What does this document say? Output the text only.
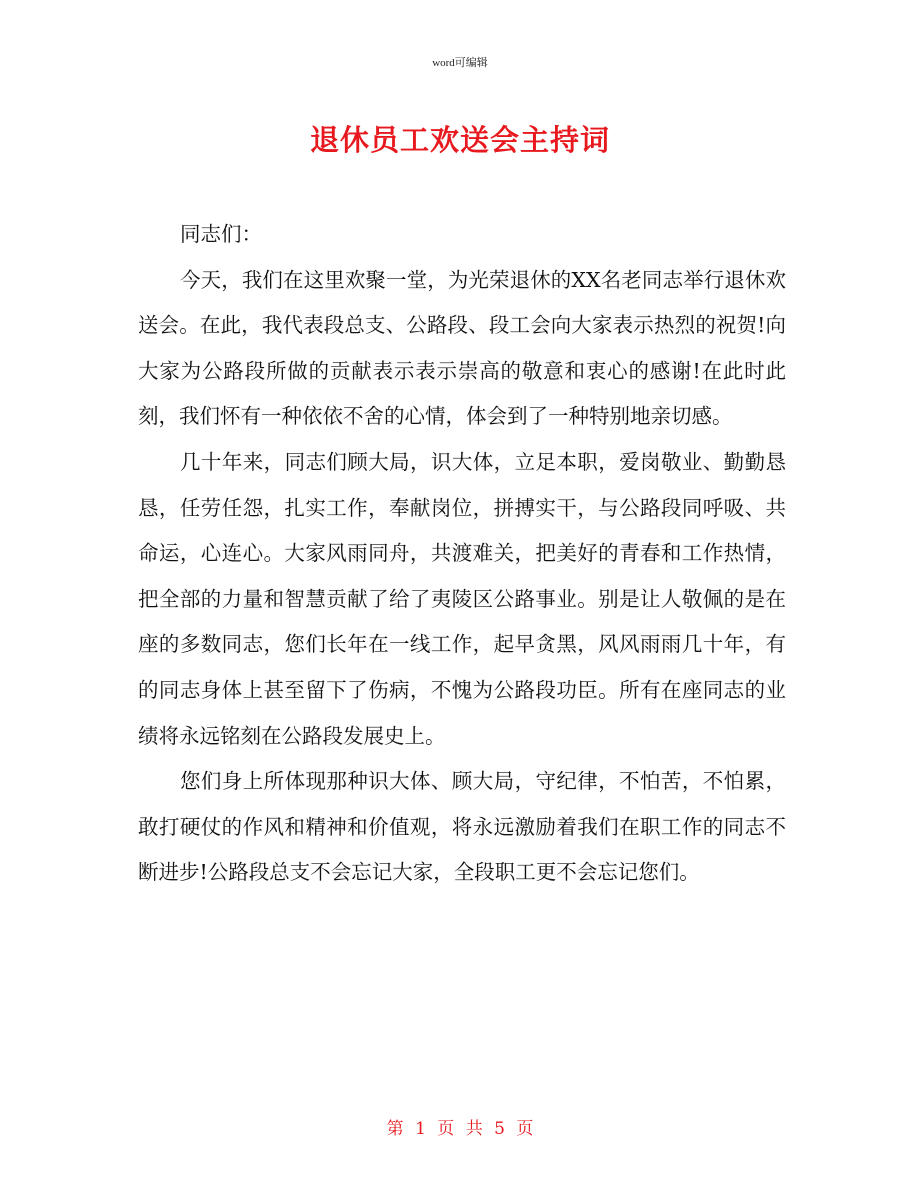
word可编辑
退休员工欢送会主持词

同志们：

今天，我们在这里欢聚一堂，为光荣退休的XX名老同志举行退休欢送会。在此，我代表段总支、公路段、段工会向大家表示热烈的祝贺!向大家为公路段所做的贡献表示表示崇高的敬意和衷心的感谢!在此时此刻，我们怀有一种依依不舍的心情，体会到了一种特别地亲切感。

几十年来，同志们顾大局，识大体，立足本职，爱岗敬业、勤勤恳恳，任劳任怨，扎实工作，奉献岗位，拼搏实干，与公路段同呼吸、共命运，心连心。大家风雨同舟，共渡难关，把美好的青春和工作热情，把全部的力量和智慧贡献了给了夷陵区公路事业。别是让人敬佩的是在座的多数同志，您们长年在一线工作，起早贪黑，风风雨雨几十年，有的同志身体上甚至留下了伤病，不愧为公路段功臣。所有在座同志的业绩将永远铭刻在公路段发展史上。

您们身上所体现那种识大体、顾大局，守纪律，不怕苦，不怕累，敢打硬仗的作风和精神和价值观，将永远激励着我们在职工作的同志不断进步!公路段总支不会忘记大家，全段职工更不会忘记您们。

第 1 页 共 5 页
